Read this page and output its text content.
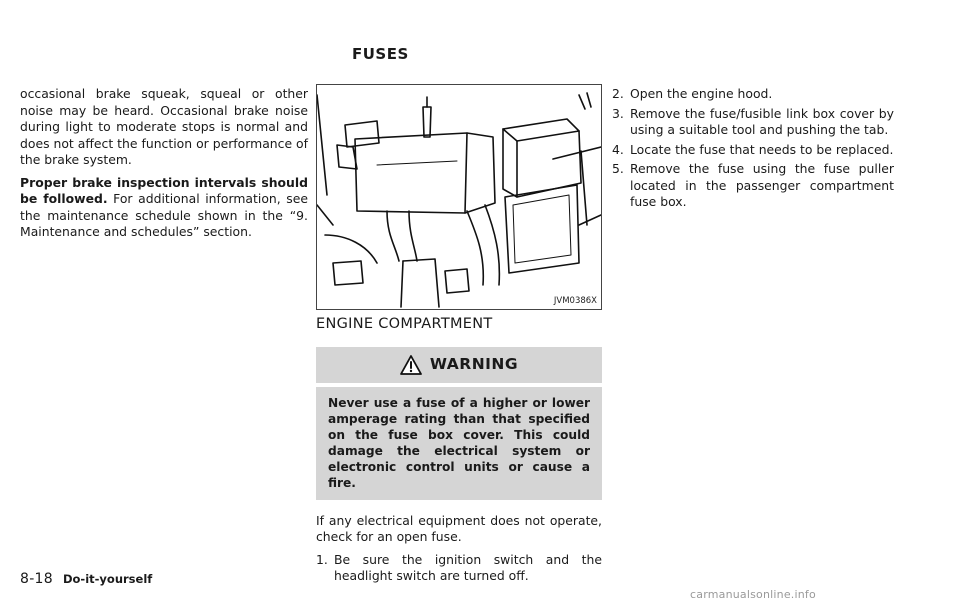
FUSES

occasional brake squeak, squeal or other noise may be heard. Occasional brake noise during light to moderate stops is normal and does not affect the function or performance of the brake system.

Proper brake inspection intervals should be followed. For additional information, see the maintenance schedule shown in the “9. Maintenance and schedules” section.

JVM0386X
ENGINE COMPARTMENT
WARNING
Never use a fuse of a higher or lower amperage rating than that specified on the fuse box cover. This could damage the electrical system or electronic control units or cause a fire.

If any electrical equipment does not operate, check for an open fuse.

1. Be sure the ignition switch and the headlight switch are turned off.
2. Open the engine hood.
3. Remove the fuse/fusible link box cover by using a suitable tool and pushing the tab.
4. Locate the fuse that needs to be replaced.
5. Remove the fuse using the fuse puller located in the passenger compartment fuse box.
8-18 Do-it-yourself
carmanualsonline.info
